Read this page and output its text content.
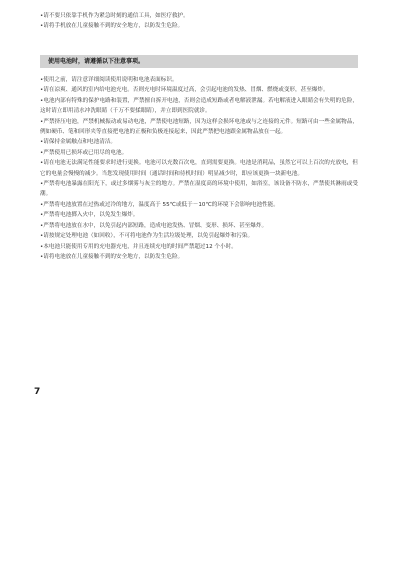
•请不要只依靠手机作为紧急时刻的通信工具，如医疗救护。

•请将手机放在儿童接触不到的安全地方，以防发生危险。

使用电池时，请遵循以下注意事项。

•使用之前，请注意详细阅读使用说明和电池表面标识。

•请在凉爽、通风的室内给电池充电。否则充电时环境温度过高，会引起电池的发热、冒烟、燃烧或变形，甚至爆炸。

•电池内部有特殊的保护电路和装置，严禁擅自拆开电池，否则会造成短路或者电解液泄漏。若电解液进入眼睛会有失明的危险，这时请立即用清水冲洗眼睛（千万不要揉眼睛），并立即到医院就诊。

•严禁挤压电池，严禁机械振动或易动电池，严禁使电池短路，因为这样会损坏电池或与之连接的元件。短路可由一些金属物品，例如硬币、笔和回形夹等直接把电池的正极和负极连接起来，因此严禁把电池跟金属物品放在一起。

•请保持金属触点和电池清洁。

•严禁使用已损坏或已用尽的电池。

•请在电池无法满足性能要求时进行更换。电池可以充数百次电，直到需要更换。电池是消耗品，虽然它可以上百次的充放电，但它的电量会慢慢的减少。当您发现使用时间（通话时间和待机时间）明显减少时，即应该更换一块新电池。

•严禁将电池暴露在阳光下，或过多烟雾与灰尘的地方。严禁在湿度高的环境中使用，如浴室，该设备不防水，严禁使其淋雨或受潮。

•严禁将电池放置在过热或过冷的地方，温度高于 55℃或低于－10℃的环境下会影响电池性能。

•严禁将电池掷入火中，以免发生爆炸。

•严禁将电池放在水中，以免引起内部短路，造成电池发热、冒烟、变形、损坏、甚至爆炸。

•请按规定处理电池（如回收），不可将电池作为生活垃圾处理，以免引起爆炸和污染。

•本电池只能使用专用的充电器充电，并且连续充电的时间严禁超过12 个小时。

•请将电池放在儿童接触不到的安全地方，以防发生危险。

7
